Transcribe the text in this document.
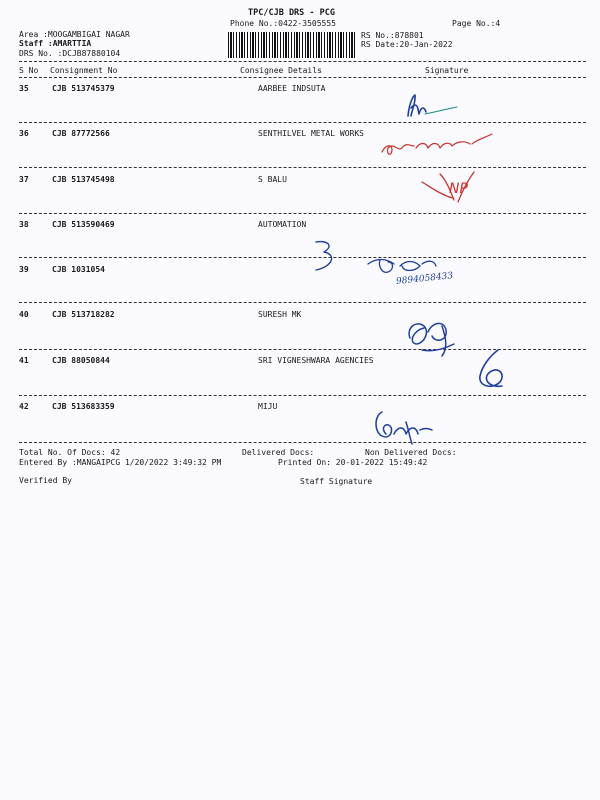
TPC/CJB DRS - PCG
Phone No.:0422-3505555	Page No.:4
Area :MOOGAMBIGAI NAGAR
Staff :AMARTTIA
DRS No. :DCJB87880104
RS No.:878801
RS Date:20-Jan-2022
S No Consignment No	Consignee Details	Signature
35	CJB 513745379	AARBEE INDSUTA
36	CJB 87772566	SENTHILVEL METAL WORKS
37	CJB 513745498	S BALU
38	CJB 513590469	AUTOMATION
39	CJB 1031054
40	CJB 513718282	SURESH MK
41	CJB 88050844	SRI VIGNESHWARA AGENCIES
42	CJB 513683359	MIJU
Total No. Of Docs: 42	Delivered Docs:	Non Delivered Docs:
Entered By :MANGAIPCG 1/20/2022 3:49:32 PM	Printed On: 20-01-2022 15:49:42
Verified By	Staff Signature
NP
9894058433
